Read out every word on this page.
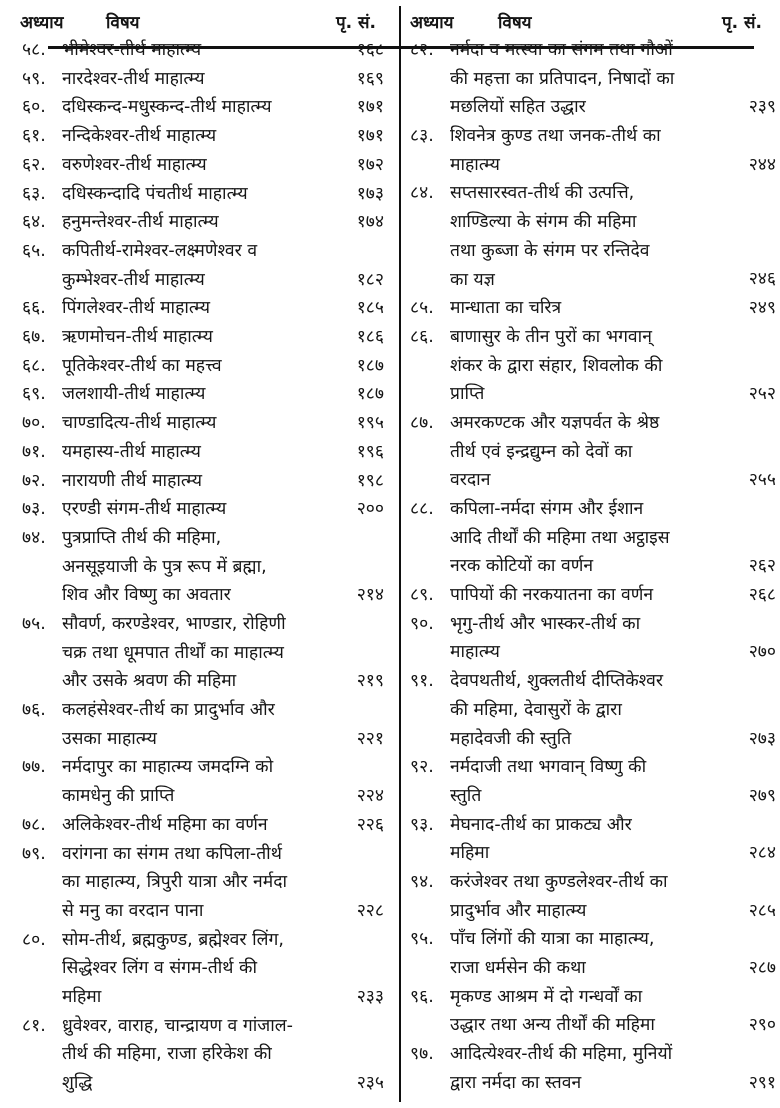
अध्याय विषय	पृ. सं. अध्याय	विषय	पृ. सं.
५८. भीमेश्वर-तीर्थ माहात्म्य	१६८
५९. नारदेश्वर-तीर्थ माहात्म्य	१६९
६०. दधिस्कन्द-मधुस्कन्द-तीर्थ माहात्म्य	१७१
६१. नन्दिकेश्वर-तीर्थ माहात्म्य	१७१
६२. वरुणेश्वर-तीर्थ माहात्म्य	१७२
६३. दधिस्कन्दादि पंचतीर्थ माहात्म्य	१७३
६४. हनुमन्तेश्वर-तीर्थ माहात्म्य	१७४
६५. कपितीर्थ-रामेश्वर-लक्ष्मणेश्वर व
कुम्भेश्वर-तीर्थ माहात्म्य	१८२
६६. पिंगलेश्वर-तीर्थ माहात्म्य	१८५
६७. ऋणमोचन-तीर्थ माहात्म्य	१८६
६८. पूतिकेश्वर-तीर्थ का महत्त्व	१८७
६९. जलशायी-तीर्थ माहात्म्य	१८७
७०. चाण्डादित्य-तीर्थ माहात्म्य	१९५
७१. यमहास्य-तीर्थ माहात्म्य	१९६
७२. नारायणी तीर्थ माहात्म्य	१९८
७३. एरण्डी संगम-तीर्थ माहात्म्य	२००
७४. पुत्रप्राप्ति तीर्थ की महिमा,
अनसूइयाजी के पुत्र रूप में ब्रह्मा,
शिव और विष्णु का अवतार	२१४
७५. सौवर्ण, करण्डेश्वर, भाण्डार, रोहिणी
चक्र तथा धूमपात तीर्थों का माहात्म्य
और उसके श्रवण की महिमा	२१९
७६. कलहंसेश्वर-तीर्थ का प्रादुर्भाव और
उसका माहात्म्य	२२१
७७. नर्मदापुर का माहात्म्य जमदग्नि को
कामधेनु की प्राप्ति	२२४
७८. अलिकेश्वर-तीर्थ महिमा का वर्णन	२२६
७९. वरांगना का संगम तथा कपिला-तीर्थ
का माहात्म्य, त्रिपुरी यात्रा और नर्मदा
से मनु का वरदान पाना	२२८
८०. सोम-तीर्थ, ब्रह्मकुण्ड, ब्रह्मेश्वर लिंग,
सिद्धेश्वर लिंग व संगम-तीर्थ की
महिमा	२३३
८१. ध्रुवेश्वर, वाराह, चान्द्रायण व गांजाल-
तीर्थ की महिमा, राजा हरिकेश की
शुद्धि	२३५
८२. नर्मदा व मत्स्या का संगम तथा गौओं
की महत्ता का प्रतिपादन, निषादों का
मछलियों सहित उद्धार	२३९
८३. शिवनेत्र कुण्ड तथा जनक-तीर्थ का
माहात्म्य	२४४
८४. सप्तसारस्वत-तीर्थ की उत्पत्ति,
शाण्डिल्या के संगम की महिमा
तथा कुब्जा के संगम पर रन्तिदेव
का यज्ञ	२४६
८५. मान्धाता का चरित्र	२४९
८६. बाणासुर के तीन पुरों का भगवान्
शंकर के द्वारा संहार, शिवलोक की
प्राप्ति	२५२
८७. अमरकण्टक और यज्ञपर्वत के श्रेष्ठ
तीर्थ एवं इन्द्रद्युम्न को देवों का
वरदान	२५५
८८. कपिला-नर्मदा संगम और ईशान
आदि तीर्थों की महिमा तथा अट्ठाइस
नरक कोटियों का वर्णन	२६२
८९. पापियों की नरकयातना का वर्णन	२६८
९०. भृगु-तीर्थ और भास्कर-तीर्थ का
माहात्म्य	२७०
९१. देवपथतीर्थ, शुक्लतीर्थ दीप्तिकेश्वर
की महिमा, देवासुरों के द्वारा
महादेवजी की स्तुति	२७३
९२. नर्मदाजी तथा भगवान् विष्णु की
स्तुति	२७९
९३. मेघनाद-तीर्थ का प्राकट्य और
महिमा	२८४
९४. करंजेश्वर तथा कुण्डलेश्वर-तीर्थ का
प्रादुर्भाव और माहात्म्य	२८५
९५. पाँच लिंगों की यात्रा का माहात्म्य,
राजा धर्मसेन की कथा	२८७
९६. मृकण्ड आश्रम में दो गन्धर्वों का
उद्धार तथा अन्य तीर्थों की महिमा	२९०
९७. आदित्येश्वर-तीर्थ की महिमा, मुनियों
द्वारा नर्मदा का स्तवन	२९१
